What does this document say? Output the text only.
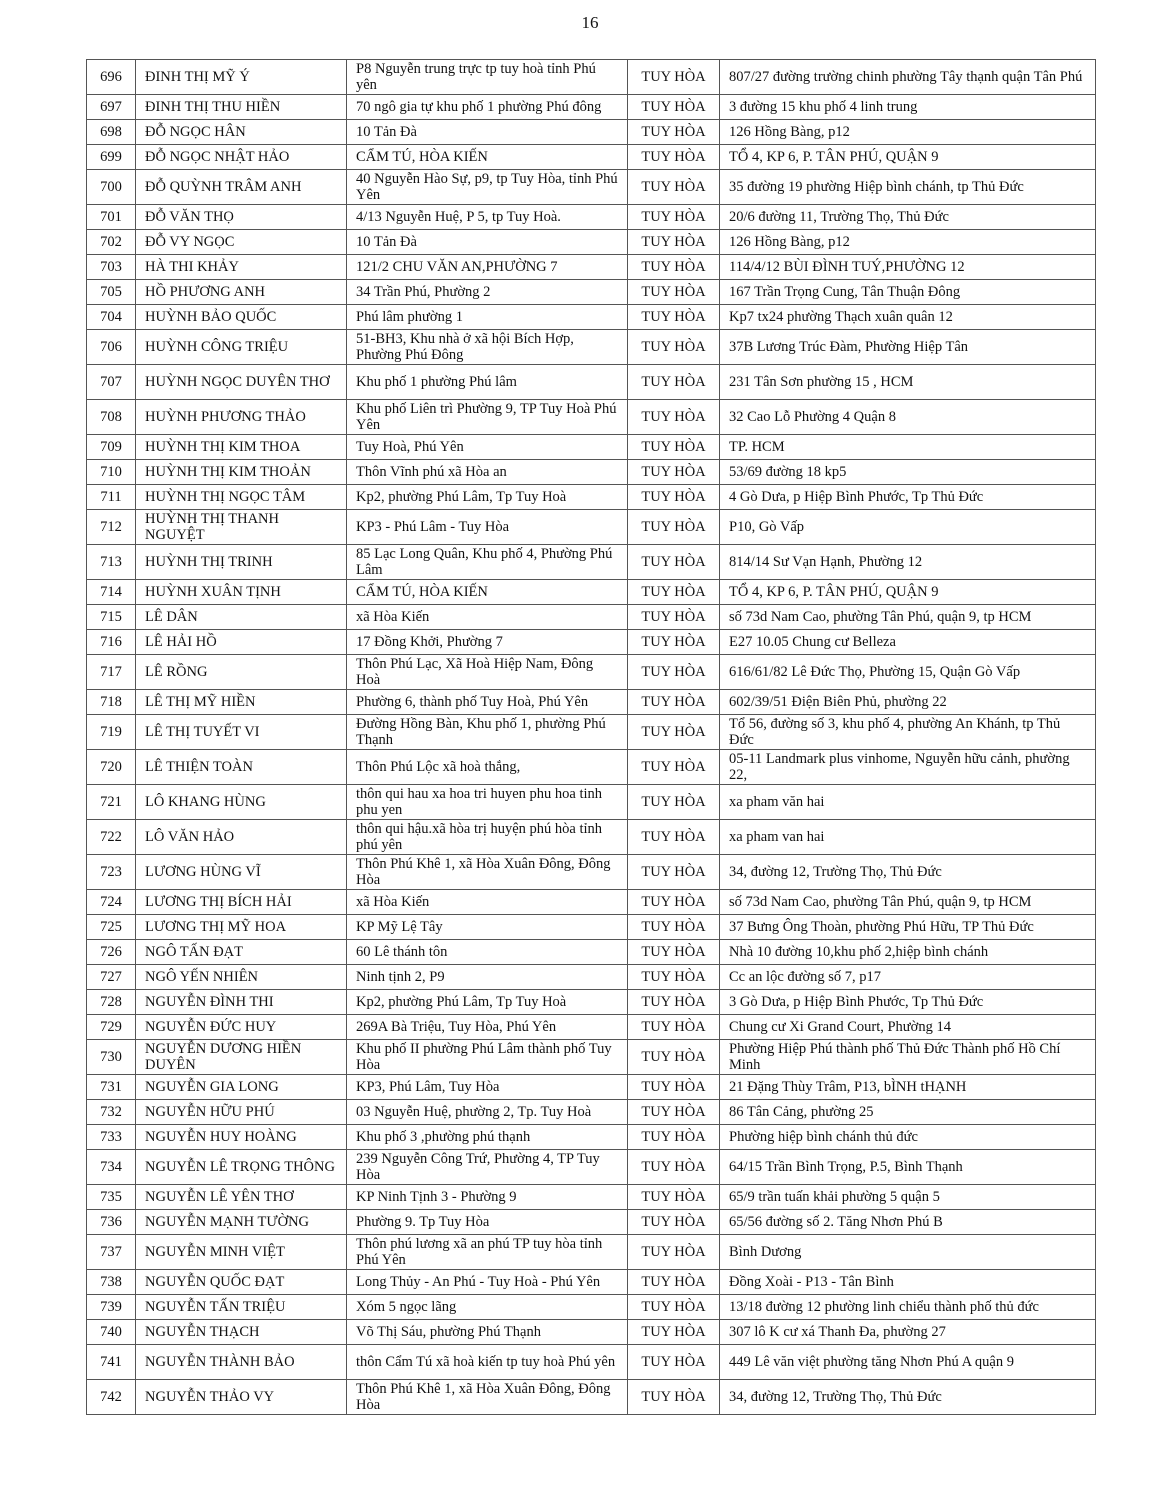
16
696	ĐINH THỊ MỸ Ý	P8 Nguyễn trung trực tp tuy hoà tỉnh Phú yên	TUY HÒA	807/27 đường trường chinh phường Tây thạnh quận Tân Phú
697	ĐINH THỊ THU HIỀN	70 ngô gia tự khu phố 1 phường Phú đông	TUY HÒA	3 đường 15 khu phố 4 linh trung
698	ĐỖ NGỌC HÂN	10 Tản Đà	TUY HÒA	126 Hồng Bàng, p12
699	ĐỖ NGỌC NHẬT HẢO	CẨM TÚ, HÒA KIẾN	TUY HÒA	TỔ 4, KP 6, P. TÂN PHÚ, QUẬN 9
700	ĐỖ QUỲNH TRÂM ANH	40 Nguyễn Hào Sự, p9, tp Tuy Hòa, tỉnh Phú Yên	TUY HÒA	35 đường 19 phường Hiệp bình chánh, tp Thủ Đức
701	ĐỖ VĂN THỌ	4/13 Nguyễn Huệ, P 5, tp Tuy Hoà.	TUY HÒA	20/6 đường 11, Trường Thọ, Thủ Đức
702	ĐỖ VY NGỌC	10 Tản Đà	TUY HÒA	126 Hồng Bàng, p12
703	HÀ THI KHẢY	121/2 CHU VĂN AN,PHƯỜNG 7	TUY HÒA	114/4/12 BÙI ĐÌNH TUÝ,PHƯỜNG 12
705	HỒ PHƯƠNG ANH	34 Trần Phú, Phường 2	TUY HÒA	167 Trần Trọng Cung, Tân Thuận Đông
704	HUỲNH BẢO QUỐC	Phú lâm phường 1	TUY HÒA	Kp7 tx24 phường Thạch xuân quân 12
706	HUỲNH CÔNG TRIỆU	51-BH3, Khu nhà ở xã hội Bích Hợp, Phường Phú Đông	TUY HÒA	37B Lương Trúc Đàm, Phường Hiệp Tân
707	HUỲNH NGỌC DUYÊN THƠ	Khu phố 1 phường Phú lâm	TUY HÒA	231 Tân Sơn phường 15 , HCM
708	HUỲNH PHƯƠNG THẢO	Khu phố Liên trì Phường 9, TP Tuy Hoà Phú Yên	TUY HÒA	32 Cao Lỗ Phường 4 Quận 8
709	HUỲNH THỊ KIM THOA	Tuy Hoà, Phú Yên	TUY HÒA	TP. HCM
710	HUỲNH THỊ KIM THOẢN	Thôn Vĩnh phú xã Hòa an	TUY HÒA	53/69 đường 18 kp5
711	HUỲNH THỊ NGỌC TÂM	Kp2, phường Phú Lâm, Tp Tuy Hoà	TUY HÒA	4 Gò Dưa, p Hiệp Bình Phước, Tp Thủ Đức
712	HUỲNH THỊ THANH NGUYỆT	KP3 - Phú Lâm - Tuy Hòa	TUY HÒA	P10, Gò Vấp
713	HUỲNH THỊ TRINH	85 Lạc Long Quân, Khu phố 4, Phường Phú Lâm	TUY HÒA	814/14 Sư Vạn Hạnh, Phường 12
714	HUỲNH XUÂN TỊNH	CẨM TÚ, HÒA KIẾN	TUY HÒA	TỔ 4, KP 6, P. TÂN PHÚ, QUẬN 9
715	LÊ DÂN	xã Hòa Kiến	TUY HÒA	số 73d Nam Cao, phường Tân Phú, quận 9, tp HCM
716	LÊ HẢI HỒ	17 Đồng Khởi, Phường 7	TUY HÒA	E27 10.05 Chung cư Belleza
717	LÊ RỒNG	Thôn Phú Lạc, Xã Hoà Hiệp Nam, Đông Hoà	TUY HÒA	616/61/82 Lê Đức Thọ, Phường 15, Quận Gò Vấp
718	LÊ THỊ MỸ HIỀN	Phường 6, thành phố Tuy Hoà, Phú Yên	TUY HÒA	602/39/51 Điện Biên Phủ, phường 22
719	LÊ THỊ TUYẾT VI	Đường Hồng Bàn, Khu phố 1, phường Phú Thạnh	TUY HÒA	Tổ 56, đường số 3, khu phố 4, phường An Khánh, tp Thủ Đức
720	LÊ THIỆN TOÀN	Thôn Phú Lộc xã hoà thắng,	TUY HÒA	05-11 Landmark plus vinhome, Nguyễn hữu cảnh, phường 22,
721	LÔ KHANG HÙNG	thôn qui hau xa hoa tri huyen phu hoa tinh phu yen	TUY HÒA	xa pham văn hai
722	LÔ VĂN HẢO	thôn qui hậu.xã hòa trị huyện phú hòa tỉnh phú yên	TUY HÒA	xa pham van hai
723	LƯƠNG HÙNG VĨ	Thôn Phú Khê 1, xã Hòa Xuân Đông, Đông Hòa	TUY HÒA	34, đường 12, Trường Thọ, Thủ Đức
724	LƯƠNG THỊ BÍCH HẢI	xã Hòa Kiến	TUY HÒA	số 73d Nam Cao, phường Tân Phú, quận 9, tp HCM
725	LƯƠNG THỊ MỸ HOA	KP Mỹ Lệ Tây	TUY HÒA	37 Bưng Ông Thoàn, phường Phú Hữu, TP Thủ Đức
726	NGÔ TẤN ĐẠT	60 Lê thánh tôn	TUY HÒA	Nhà 10 đường 10,khu phố 2,hiệp bình chánh
727	NGÔ YẾN NHIÊN	Ninh tịnh 2, P9	TUY HÒA	Cc an lộc đường số 7, p17
728	NGUYỄN ĐÌNH THI	Kp2, phường Phú Lâm, Tp Tuy Hoà	TUY HÒA	3 Gò Dưa, p Hiệp Bình Phước, Tp Thủ Đức
729	NGUYỄN ĐỨC HUY	269A Bà Triệu, Tuy Hòa, Phú Yên	TUY HÒA	Chung cư Xi Grand Court, Phường 14
730	NGUYỄN DƯƠNG HIỀN DUYÊN	Khu phố II phường Phú Lâm thành phố Tuy Hòa	TUY HÒA	Phường Hiệp Phú thành phố Thủ Đức Thành phố Hồ Chí Minh
731	NGUYỄN GIA LONG	KP3, Phú Lâm, Tuy Hòa	TUY HÒA	21 Đặng Thùy Trâm, P13, bÌNH tHẠNH
732	NGUYỄN HỮU PHÚ	03 Nguyễn Huệ, phường 2, Tp. Tuy Hoà	TUY HÒA	86 Tân Cảng, phường 25
733	NGUYỄN HUY HOÀNG	Khu phố 3 ,phường phú thạnh	TUY HÒA	Phường hiệp bình chánh thủ đức
734	NGUYỄN LÊ TRỌNG THÔNG	239 Nguyễn Công Trứ, Phường 4, TP Tuy Hòa	TUY HÒA	64/15 Trần Bình Trọng, P.5, Bình Thạnh
735	NGUYỄN LÊ YÊN THƠ	KP Ninh Tịnh 3 - Phường 9	TUY HÒA	65/9 trần tuấn khải phường 5 quận 5
736	NGUYỄN MẠNH TƯỜNG	Phường 9. Tp Tuy Hòa	TUY HÒA	65/56 đường số 2. Tăng Nhơn Phú B
737	NGUYỄN MINH VIỆT	Thôn phú lương xã an phú TP tuy hòa tỉnh Phú Yên	TUY HÒA	Bình Dương
738	NGUYỄN QUỐC ĐẠT	Long Thủy - An Phú - Tuy Hoà - Phú Yên	TUY HÒA	Đồng Xoài - P13 - Tân Bình
739	NGUYỄN TẤN TRIỆU	Xóm 5 ngọc lãng	TUY HÒA	13/18 đường 12 phường linh chiểu thành phố thủ đức
740	NGUYỄN THẠCH	Võ Thị Sáu, phường Phú Thạnh	TUY HÒA	307 lô K cư xá Thanh Đa, phường 27
741	NGUYỄN THÀNH BẢO	thôn Cẩm Tú xã hoà kiến tp tuy hoà Phú yên	TUY HÒA	449 Lê văn việt phường tăng Nhơn Phú A quận 9
742	NGUYỄN THẢO VY	Thôn Phú Khê 1, xã Hòa Xuân Đông, Đông Hòa	TUY HÒA	34, đường 12, Trường Thọ, Thủ Đức
